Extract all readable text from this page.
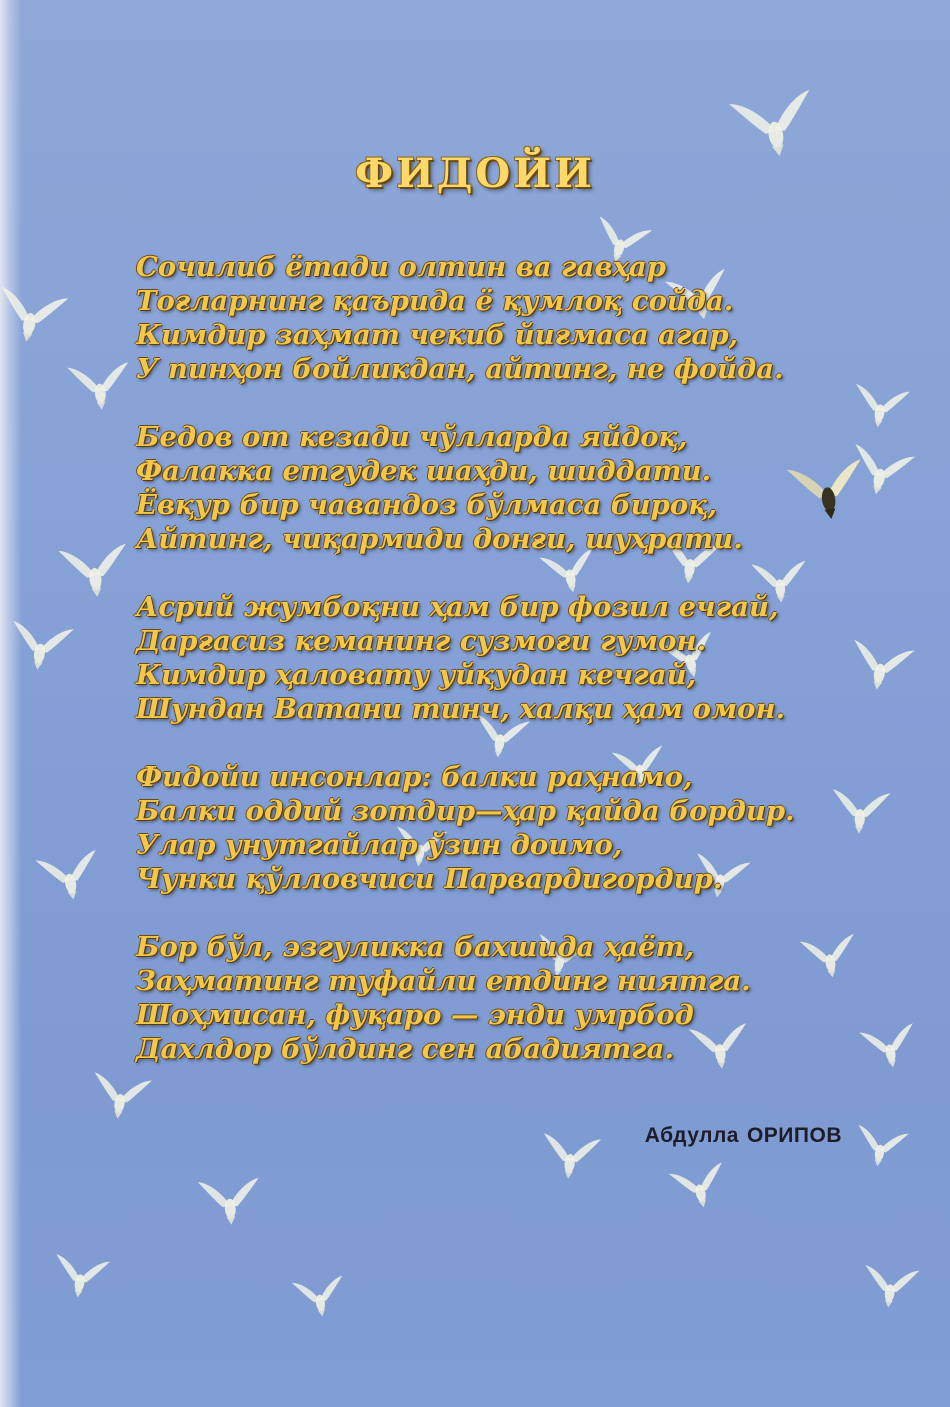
ФИДОЙИ
Сочилиб ётади олтин ва гавҳар
Тоғларнинг қаърида ё қумлоқ сойда.
Кимдир заҳмат чекиб йиғмаса агар,
У пинҳон бойликдан, айтинг, не фойда.
Бедов от кезади чўлларда яйдоқ,
Фалакка етгудек шаҳди, шиддати.
Ёвқур бир чавандоз бўлмаса бироқ,
Айтинг, чиқармиди донғи, шуҳрати.
Асрий жумбоқни ҳам бир фозил ечгай,
Дарғасиз кеманинг сузмоғи гумон.
Кимдир ҳаловату уйқудан кечгай,
Шундан Ватани тинч, халқи ҳам омон.
Фидойи инсонлар: балки раҳнамо,
Балки оддий зотдир—ҳар қайда бордир.
Улар унутгайлар ўзин доимо,
Чунки қўлловчиси Парвардигордир.
Бор бўл, эзгуликка бахшида ҳаёт,
Заҳматинг туфайли етдинг ниятга.
Шоҳмисан, фуқаро — энди умрбод
Дахлдор бўлдинг сен абадиятга.
Абдулла ОРИПОВ
